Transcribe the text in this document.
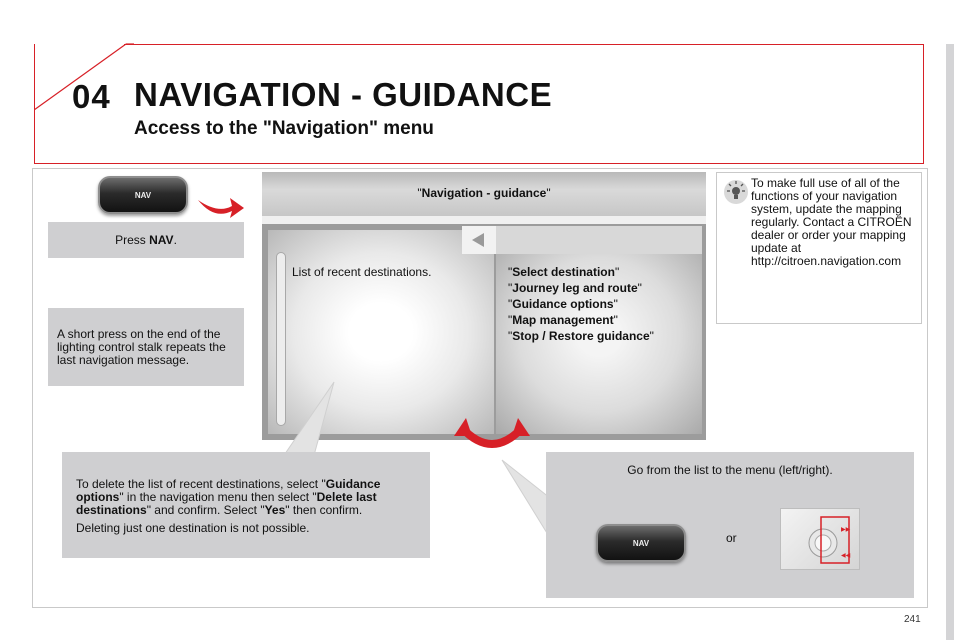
04 NAVIGATION - GUIDANCE
Access to the "Navigation" menu
NAV
Press NAV.
A short press on the end of the lighting control stalk repeats the last navigation message.
To make full use of all of the functions of your navigation system, update the mapping regularly. Contact a CITROËN dealer or order your mapping update at http://citroen.navigation.com
"Navigation - guidance"
List of recent destinations.	"Select destination"
"Journey leg and route"
"Guidance options"
"Map management"
"Stop / Restore guidance"
To delete the list of recent destinations, select "Guidance options" in the navigation menu then select "Delete last destinations" and confirm. Select "Yes" then confirm.
Deleting just one destination is not possible.
Go from the list to the menu (left/right).
NAV	or
▶▶
◀◀
241
